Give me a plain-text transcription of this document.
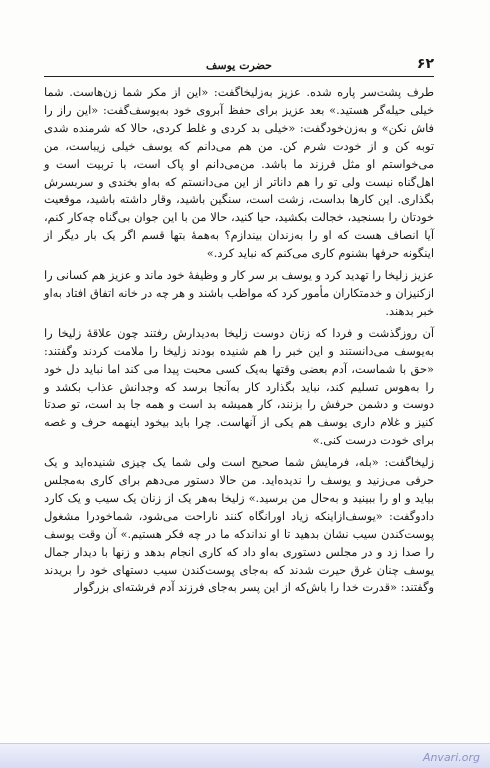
۶۲
حضرت یوسف

طرف پشت‌سر پاره شده. عزیز به‌زلیخاگفت: «این از مکر شما زن‌هاست. شما خیلی حیله‌گر هستید.» بعد عزیز برای حفظ آبروی خود به‌یوسف‌گفت: «این راز را فاش نکن» و به‌زن‌خودگفت: «خیلی بد کردی و غلط کردی، حالا که شرمنده شدی توبه کن و از خودت شرم کن. من هم می‌دانم که یوسف خیلی زیباست، من می‌خواستم او مثل فرزند ما باشد. من‌می‌دانم او پاک است، با تربیت است و اهل‌گناه نیست ولی تو را هم دانا‌تر از این می‌دانستم که به‌او بخندی و سربسرش بگذاری. این کارها بد‌است، زشت است، سنگین باشید، وقار داشته باشید، موقعیت خودتان را بسنجید، خجالت بکشید، حیا کنید، حالا من با این جوان بی‌گناه چه‌کار کنم، آیا انصاف هست که او را به‌زندان بیندازم؟ به‌همهٔ بتها قسم اگر یک بار دیگر از اینگونه حرفها بشنوم کاری می‌کنم که نباید کرد.»

عزیز زلیخا را تهدید کرد و یوسف بر سر کار و وظیفهٔ خود ماند و عزیز هم کسانی را ازکنیزان و خدمتکاران مأمور کرد که مواظب باشند و هر چه در خانه اتفاق افتاد به‌او خبر بدهند.

آن روزگذشت و فردا که زنان دوست زلیخا به‌دیدارش رفتند چون علاقهٔ زلیخا را به‌یوسف می‌دانستند و این خبر را هم شنیده بودند زلیخا را ملامت کردند وگفتند: «حق با شماست، آدم بعضی وقتها به‌یک کسی محبت پیدا می کند اما نباید دل خود را به‌هوس تسلیم کند، نباید بگذارد کار به‌آنجا برسد که وجدانش عذاب بکشد و دوست و دشمن حرفش را بزنند، کار همیشه بد است و همه جا بد است، تو صدتا کنیز و غلام داری یوسف هم یکی از آنهاست. چرا باید بیخود اینهمه حرف و غصه برای خودت درست کنی.»

زلیخاگفت: «بله، فرمایش شما صحیح است ولی شما یک چیزی شنیده‌اید و یک حرفی می‌زنید و یوسف را ندیده‌اید. من حالا دستور می‌دهم برای کاری به‌مجلس بیاید و او را ببینید و به‌حال من برسید.» زلیخا به‌هر یک از زنان یک سیب و یک کارد دادوگفت: «یوسف‌ازاینکه زیاد اورانگاه کنند ناراحت می‌شود، شماخودرا مشغول پوست‌کندن سیب نشان بدهید تا او نداندکه ما در چه فکر هستیم.» آن وقت یوسف را صدا زد و در مجلس دستوری به‌او داد که کاری انجام بدهد و زنها با دیدار جمال یوسف چنان غرق حیرت شدند که به‌جای پوست‌کندن سیب دستهای خود را بریدند وگفتند: «قدرت خدا را باش‌که از این پسر به‌جای فرزند آدم فرشته‌ای بزرگوار

Anvari.org
